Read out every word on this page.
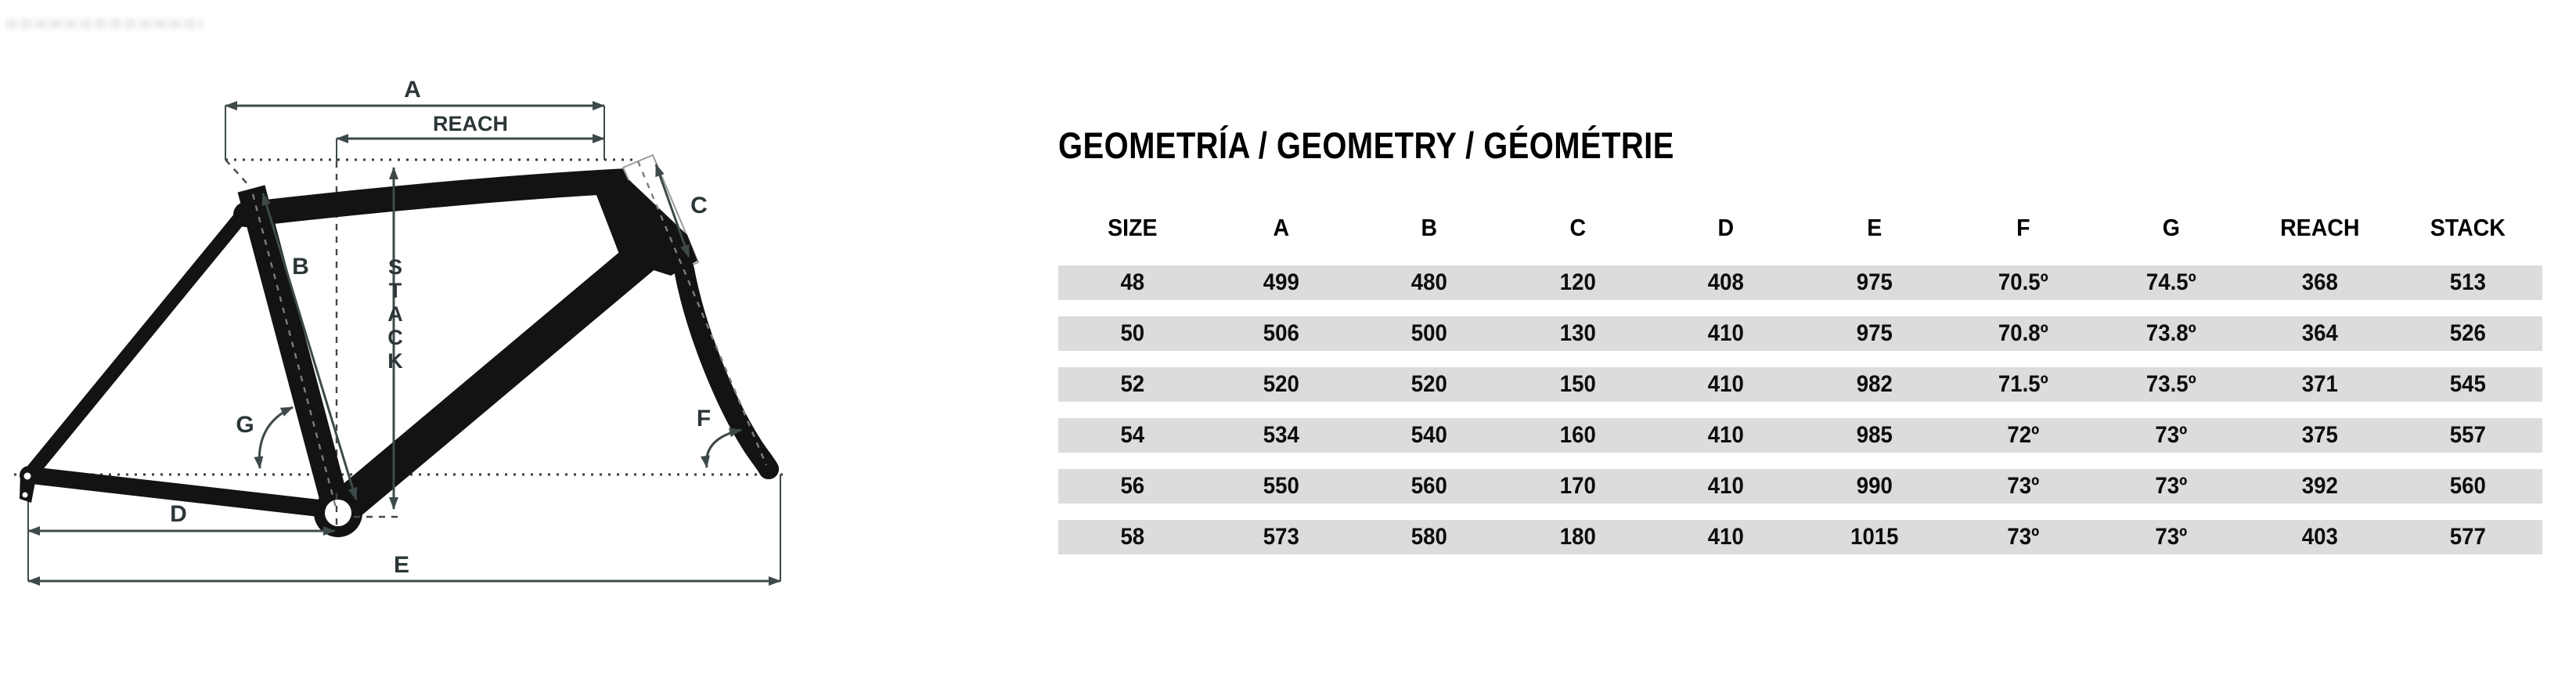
A
REACH
C
B	S T A C K
G	F
D
E
GEOMETRÍA / GEOMETRY / GÉOMÉTRIE
SIZE	A	B	C	D	E	F	G	REACH	STACK
48	499	480	120	408	975	70.5º	74.5º	368	513
50	506	500	130	410	975	70.8º	73.8º	364	526
52	520	520	150	410	982	71.5º	73.5º	371	545
54	534	540	160	410	985	72º	73º	375	557
56	550	560	170	410	990	73º	73º	392	560
58	573	580	180	410	1015	73º	73º	403	577
